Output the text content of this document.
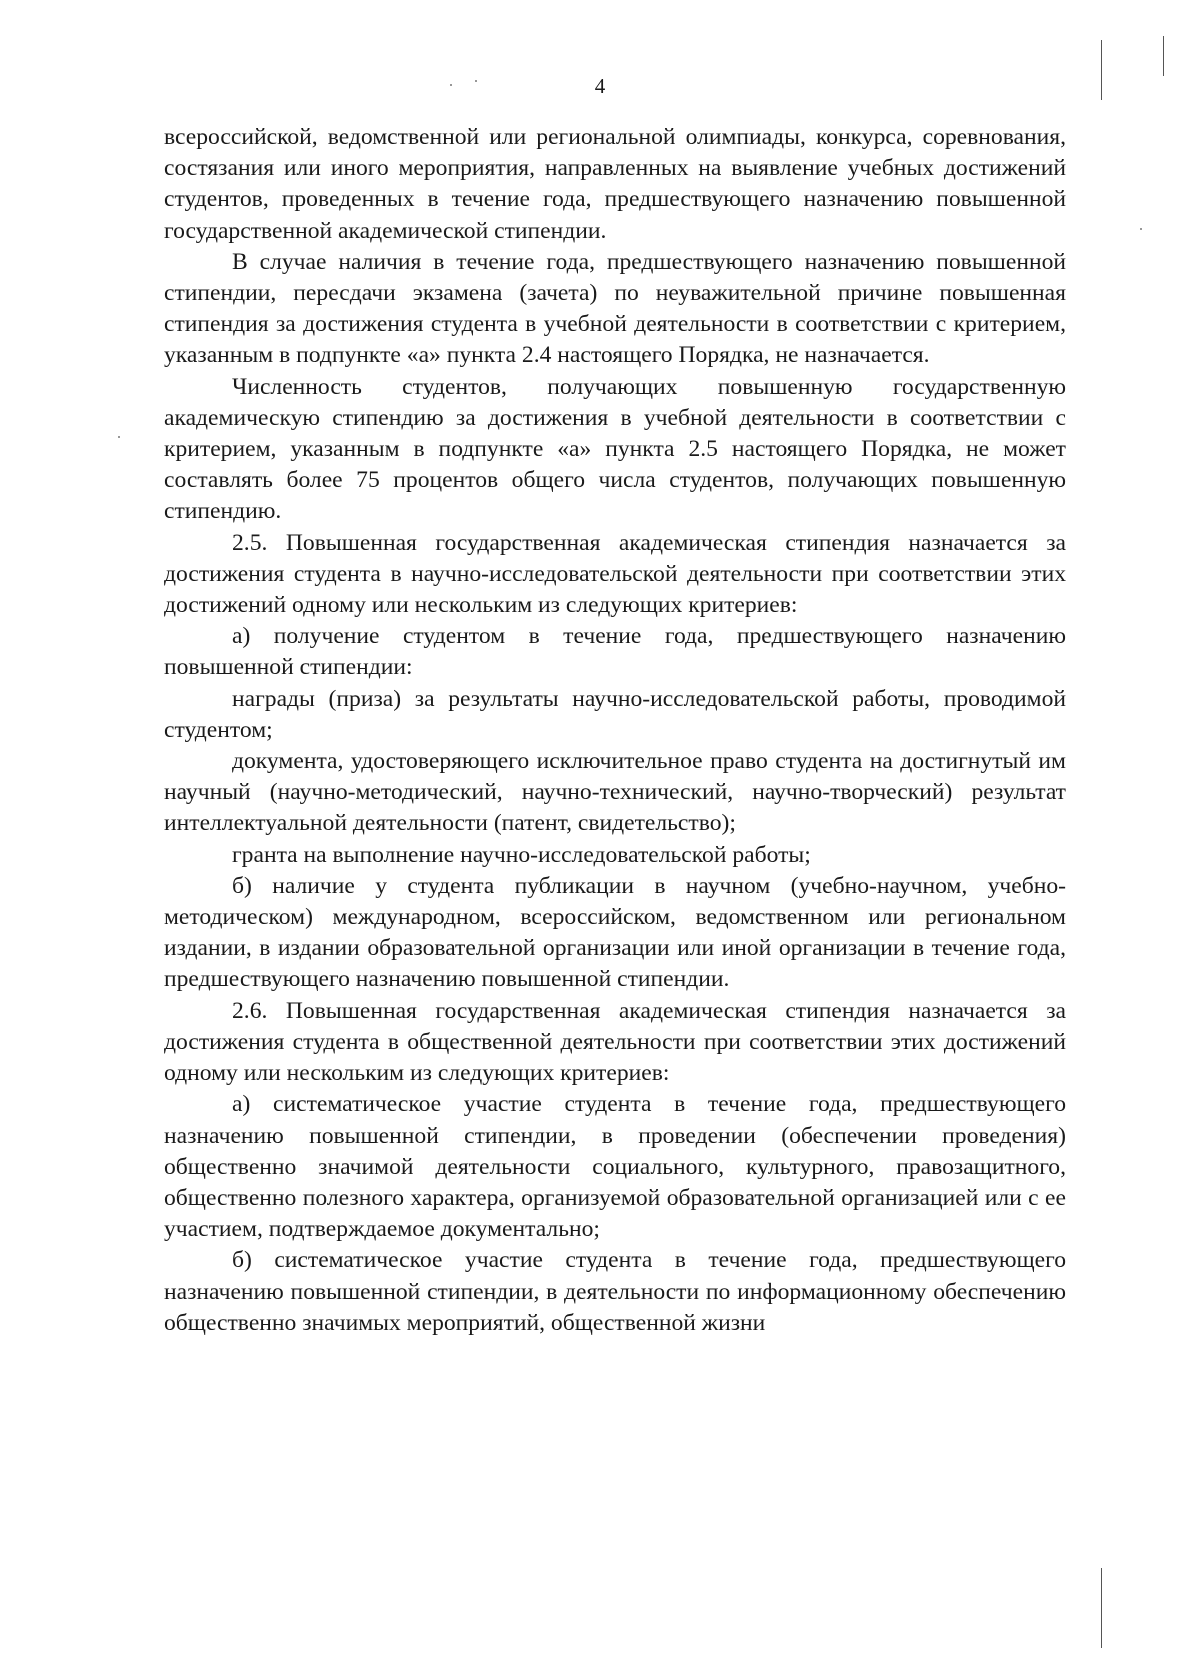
4

всероссийской, ведомственной или региональной олимпиады, конкурса, соревнования, состязания или иного мероприятия, направленных на выявление учебных достижений студентов, проведенных в течение года, предшествующего назначению повышенной государственной академической стипендии.

В случае наличия в течение года, предшествующего назначению повышенной стипендии, пересдачи экзамена (зачета) по неуважительной причине повышенная стипендия за достижения студента в учебной деятельности в соответствии с критерием, указанным в подпункте «а» пункта 2.4 настоящего Порядка, не назначается.

Численность студентов, получающих повышенную государственную академическую стипендию за достижения в учебной деятельности в соответствии с критерием, указанным в подпункте «а» пункта 2.5 настоящего Порядка, не может составлять более 75 процентов общего числа студентов, получающих повышенную стипендию.

2.5. Повышенная государственная академическая стипендия назначается за достижения студента в научно-исследовательской деятельности при соответствии этих достижений одному или нескольким из следующих критериев:

а) получение студентом в течение года, предшествующего назначению повышенной стипендии:

награды (приза) за результаты научно-исследовательской работы, проводимой студентом;

документа, удостоверяющего исключительное право студента на достигнутый им научный (научно-методический, научно-технический, научно-творческий) результат интеллектуальной деятельности (патент, свидетельство);

гранта на выполнение научно-исследовательской работы;

б) наличие у студента публикации в научном (учебно-научном, учебно-методическом) международном, всероссийском, ведомственном или региональном издании, в издании образовательной организации или иной организации в течение года, предшествующего назначению повышенной стипендии.

2.6. Повышенная государственная академическая стипендия назначается за достижения студента в общественной деятельности при соответствии этих достижений одному или нескольким из следующих критериев:

а) систематическое участие студента в течение года, предшествующего назначению повышенной стипендии, в проведении (обеспечении проведения) общественно значимой деятельности социального, культурного, правозащитного, общественно полезного характера, организуемой образовательной организацией или с ее участием, подтверждаемое документально;

б) систематическое участие студента в течение года, предшествующего назначению повышенной стипендии, в деятельности по информационному обеспечению общественно значимых мероприятий, общественной жизни
